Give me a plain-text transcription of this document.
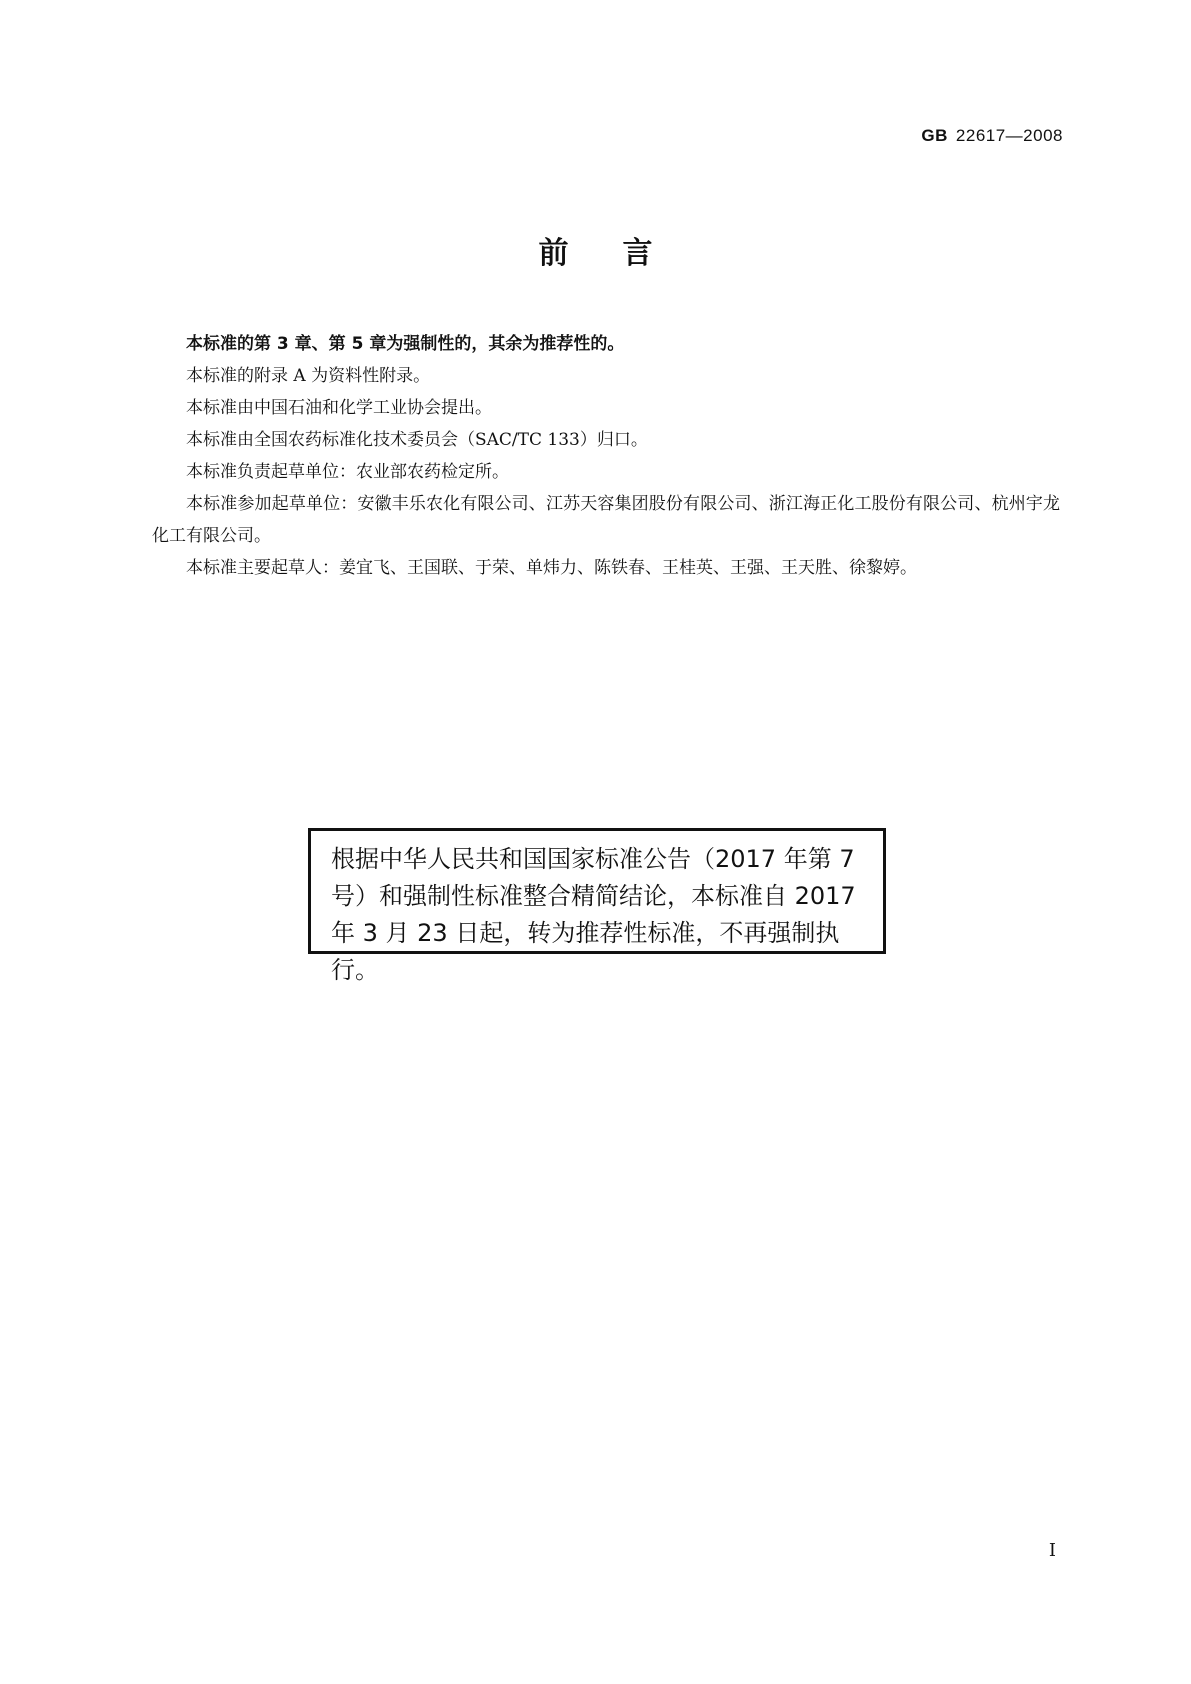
GB 22617—2008
前言

本标准的第 3 章、第 5 章为强制性的，其余为推荐性的。

本标准的附录 A 为资料性附录。

本标准由中国石油和化学工业协会提出。

本标准由全国农药标准化技术委员会（SAC/TC 133）归口。

本标准负责起草单位：农业部农药检定所。

本标准参加起草单位：安徽丰乐农化有限公司、江苏天容集团股份有限公司、浙江海正化工股份有限公司、杭州宇龙化工有限公司。

本标准主要起草人：姜宜飞、王国联、于荣、单炜力、陈铁春、王桂英、王强、王天胜、徐黎婷。

根据中华人民共和国国家标准公告（2017 年第 7 号）和强制性标准整合精简结论，本标准自 2017 年 3 月 23 日起，转为推荐性标准，不再强制执行。

I
